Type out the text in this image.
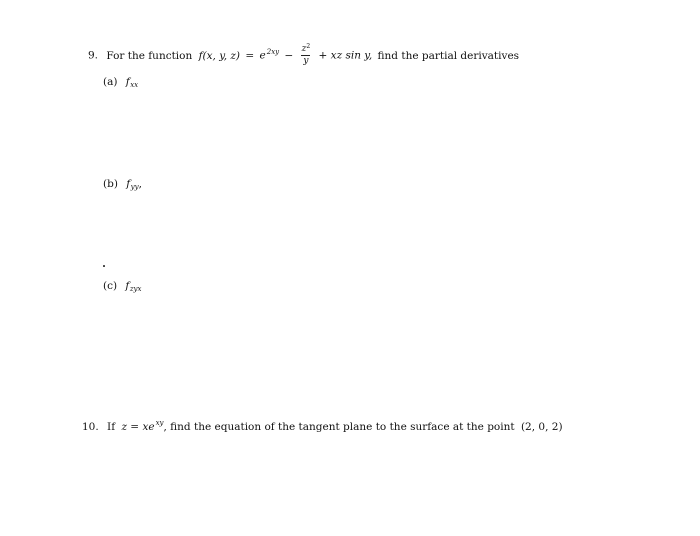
9. For the function f(x, y, $z) = e^{2xy} - \frac{z^2}{y}$ + xz sin y, find the partial derivatives
(a) fxx
(b) fyy,
(c) fzyx
10. If $z = xe^{xy}$, find the equation of the tangent plane to the surface at the point (2, 0, 2)
